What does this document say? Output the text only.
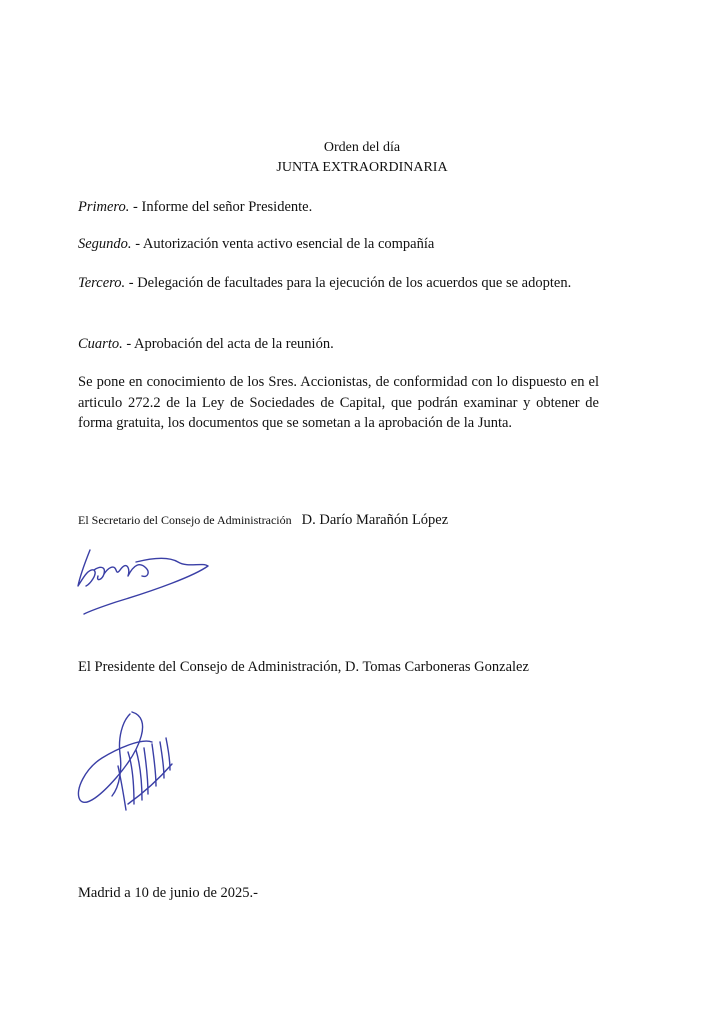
Orden del día
JUNTA EXTRAORDINARIA
Primero. - Informe del señor Presidente.
Segundo. - Autorización venta activo esencial de la compañía
Tercero. - Delegación de facultades para la ejecución de los acuerdos que se adopten.
Cuarto. - Aprobación del acta de la reunión.
Se pone en conocimiento de los Sres. Accionistas, de conformidad con lo dispuesto en el articulo 272.2 de la Ley de Sociedades de Capital, que podrán examinar y obtener de forma gratuita, los documentos que se sometan a la aprobación de la Junta.
El Secretario del Consejo de Administración D. Darío Marañón López
El Presidente del Consejo de Administración, D. Tomas Carboneras Gonzalez
Madrid a 10 de junio de 2025.-
